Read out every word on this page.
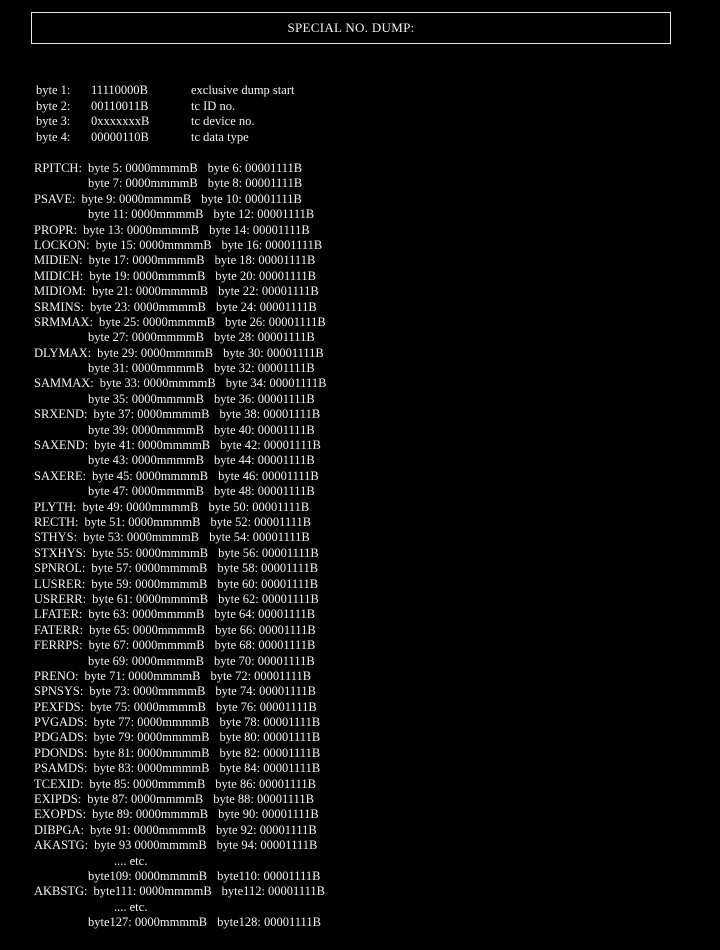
SPECIAL NO. DUMP:
byte 1: 11110000B	exclusive dump start
byte 2: 00110011B	tc ID no.
byte 3: 0xxxxxxxB	tc device no.
byte 4: 00000110B	tc data type
RPITCH: byte 5: 0000mmmmB byte 6: 00001111B
byte 7: 0000mmmmB byte 8: 00001111B
PSAVE: byte 9: 0000mmmmB byte 10: 00001111B
byte 11: 0000mmmmB byte 12: 00001111B
PROPR: byte 13: 0000mmmmB byte 14: 00001111B
LOCKON: byte 15: 0000mmmmB byte 16: 00001111B
MIDIEN: byte 17: 0000mmmmB byte 18: 00001111B
MIDICH: byte 19: 0000mmmmB byte 20: 00001111B
MIDIOM: byte 21: 0000mmmmB byte 22: 00001111B
SRMINS: byte 23: 0000mmmmB byte 24: 00001111B
SRMMAX: byte 25: 0000mmmmB byte 26: 00001111B
byte 27: 0000mmmmB byte 28: 00001111B
DLYMAX: byte 29: 0000mmmmB byte 30: 00001111B
byte 31: 0000mmmmB byte 32: 00001111B
SAMMAX: byte 33: 0000mmmmB byte 34: 00001111B
byte 35: 0000mmmmB byte 36: 00001111B
SRXEND: byte 37: 0000mmmmB byte 38: 00001111B
byte 39: 0000mmmmB byte 40: 00001111B
SAXEND: byte 41: 0000mmmmB byte 42: 00001111B
byte 43: 0000mmmmB byte 44: 00001111B
SAXERE: byte 45: 0000mmmmB byte 46: 00001111B
byte 47: 0000mmmmB byte 48: 00001111B
PLYTH: byte 49: 0000mmmmB byte 50: 00001111B
RECTH: byte 51: 0000mmmmB byte 52: 00001111B
STHYS: byte 53: 0000mmmmB byte 54: 00001111B
STXHYS: byte 55: 0000mmmmB byte 56: 00001111B
SPNROL: byte 57: 0000mmmmB byte 58: 00001111B
LUSRER: byte 59: 0000mmmmB byte 60: 00001111B
USRERR: byte 61: 0000mmmmB byte 62: 00001111B
LFATER: byte 63: 0000mmmmB byte 64: 00001111B
FATERR: byte 65: 0000mmmmB byte 66: 00001111B
FERRPS: byte 67: 0000mmmmB byte 68: 00001111B
byte 69: 0000mmmmB byte 70: 00001111B
PRENO: byte 71: 0000mmmmB byte 72: 00001111B
SPNSYS: byte 73: 0000mmmmB byte 74: 00001111B
PEXFDS: byte 75: 0000mmmmB byte 76: 00001111B
PVGADS: byte 77: 0000mmmmB byte 78: 00001111B
PDGADS: byte 79: 0000mmmmB byte 80: 00001111B
PDONDS: byte 81: 0000mmmmB byte 82: 00001111B
PSAMDS: byte 83: 0000mmmmB byte 84: 00001111B
TCEXID: byte 85: 0000mmmmB byte 86: 00001111B
EXIPDS: byte 87: 0000mmmmB byte 88: 00001111B
EXOPDS: byte 89: 0000mmmmB byte 90: 00001111B
DIBPGA: byte 91: 0000mmmmB byte 92: 00001111B
AKASTG: byte 93 0000mmmmB byte 94: 00001111B
.... etc.
byte109: 0000mmmmB byte110: 00001111B
AKBSTG: byte111: 0000mmmmB byte112: 00001111B
.... etc.
byte127: 0000mmmmB byte128: 00001111B
